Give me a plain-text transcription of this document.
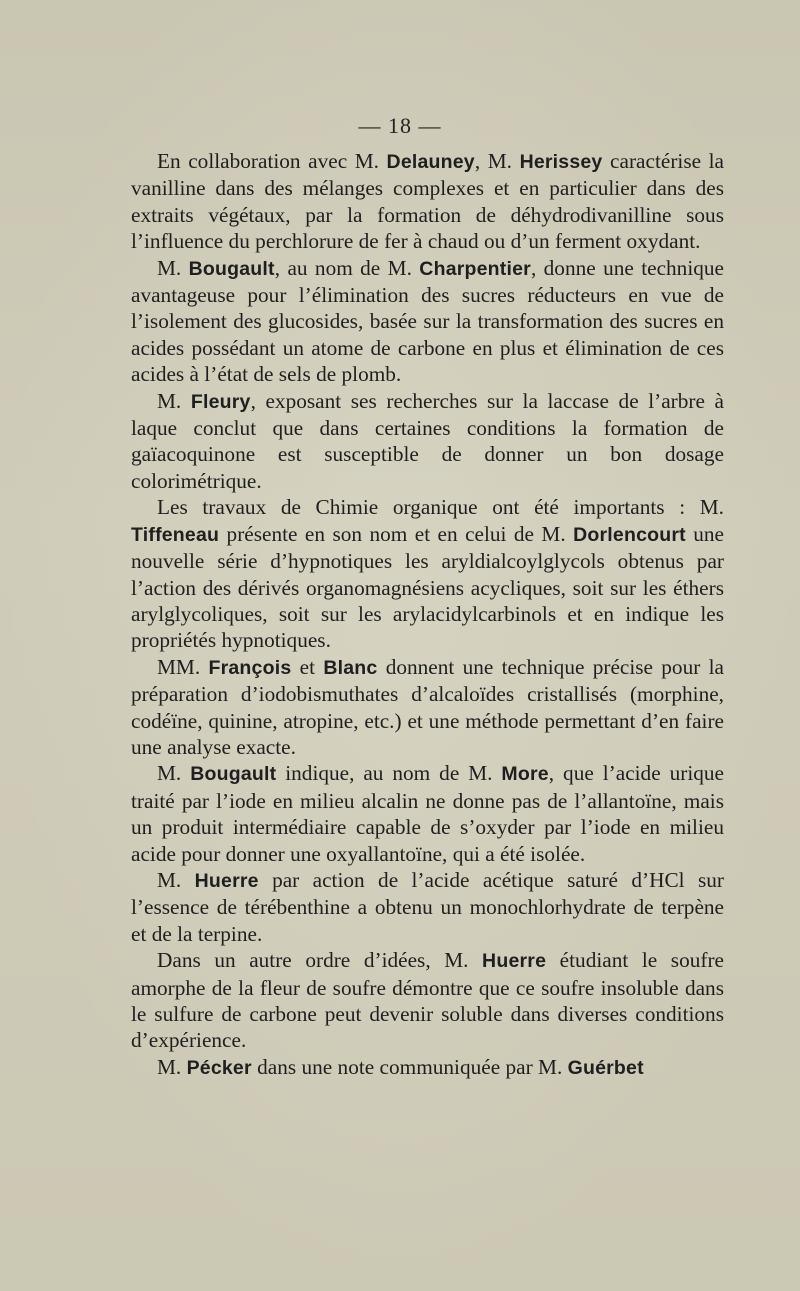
— 18 —

En collaboration avec M. Delauney, M. Herissey caractérise la vanilline dans des mélanges complexes et en particulier dans des extraits végétaux, par la formation de déhydrodivanilline sous l’influence du perchlorure de fer à chaud ou d’un ferment oxydant.

M. Bougault, au nom de M. Charpentier, donne une technique avantageuse pour l’élimination des sucres réducteurs en vue de l’isolement des glucosides, basée sur la transformation des sucres en acides possédant un atome de carbone en plus et élimination de ces acides à l’état de sels de plomb.

M. Fleury, exposant ses recherches sur la laccase de l’arbre à laque conclut que dans certaines conditions la formation de gaïacoquinone est susceptible de donner un bon dosage colorimétrique.

Les travaux de Chimie organique ont été importants : M. Tiffeneau présente en son nom et en celui de M. Dorlencourt une nouvelle série d’hypnotiques les aryldialcoylglycols obtenus par l’action des dérivés organomagnésiens acycliques, soit sur les éthers arylglycoliques, soit sur les arylacidylcarbinols et en indique les propriétés hypnotiques.

MM. François et Blanc donnent une technique précise pour la préparation d’iodobismuthates d’alcaloïdes cristallisés (morphine, codéïne, quinine, atropine, etc.) et une méthode permettant d’en faire une analyse exacte.

M. Bougault indique, au nom de M. More, que l’acide urique traité par l’iode en milieu alcalin ne donne pas de l’allantoïne, mais un produit intermédiaire capable de s’oxyder par l’iode en milieu acide pour donner une oxyallantoïne, qui a été isolée.

M. Huerre par action de l’acide acétique saturé d’HCl sur l’essence de térébenthine a obtenu un monochlorhydrate de terpène et de la terpine.

Dans un autre ordre d’idées, M. Huerre étudiant le soufre amorphe de la fleur de soufre démontre que ce soufre insoluble dans le sulfure de carbone peut devenir soluble dans diverses conditions d’expérience.

M. Pécker dans une note communiquée par M. Guérbet
